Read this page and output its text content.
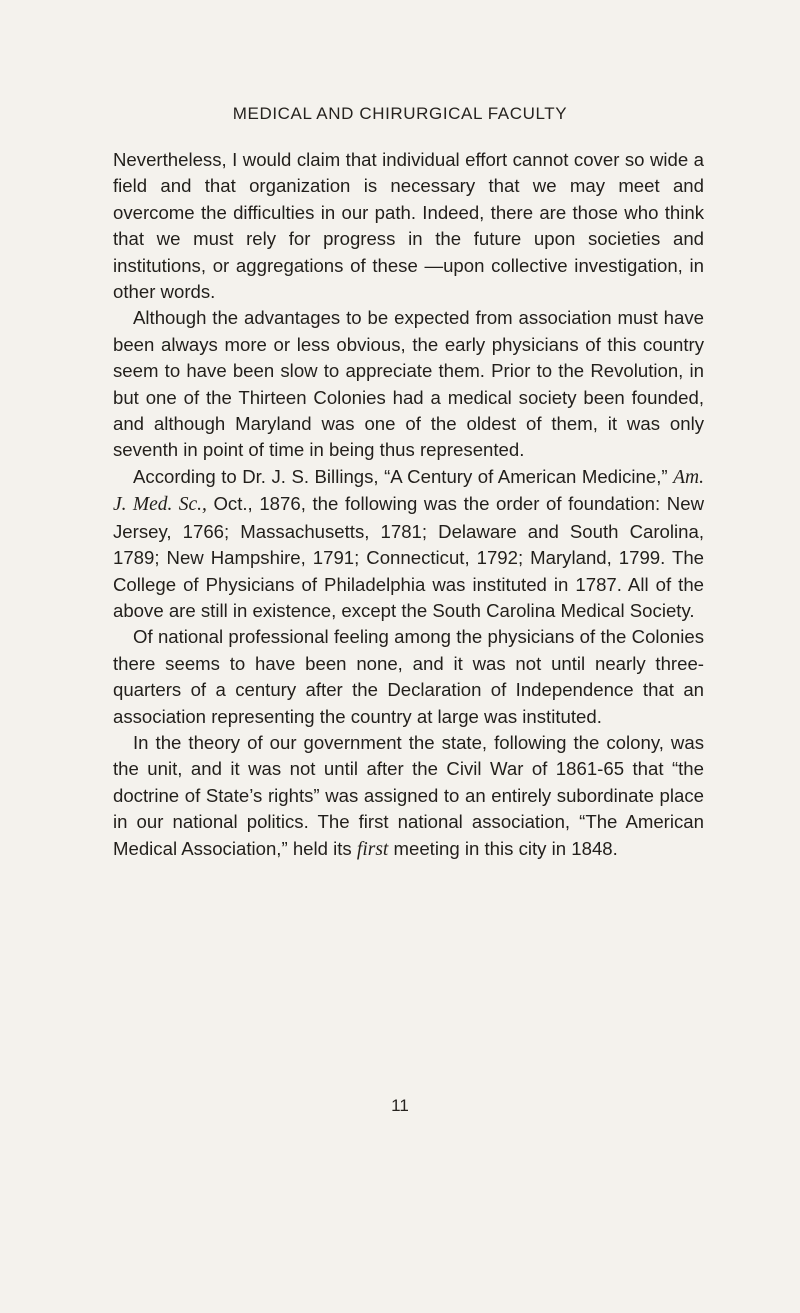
MEDICAL AND CHIRURGICAL FACULTY

Nevertheless, I would claim that individual effort cannot cover so wide a field and that organization is necessary that we may meet and overcome the difficulties in our path. Indeed, there are those who think that we must rely for progress in the future upon societies and institutions, or aggregations of these —upon collective investigation, in other words.

Although the advantages to be expected from association must have been always more or less obvious, the early physicians of this country seem to have been slow to appreciate them. Prior to the Revolution, in but one of the Thirteen Colonies had a medical society been founded, and although Maryland was one of the oldest of them, it was only seventh in point of time in being thus represented.

According to Dr. J. S. Billings, “A Century of American Medicine,” Am. J. Med. Sc., Oct., 1876, the following was the order of foundation: New Jersey, 1766; Massachusetts, 1781; Delaware and South Carolina, 1789; New Hampshire, 1791; Connecticut, 1792; Maryland, 1799. The College of Physicians of Philadelphia was instituted in 1787. All of the above are still in existence, except the South Carolina Medical Society.

Of national professional feeling among the physicians of the Colonies there seems to have been none, and it was not until nearly three-quarters of a century after the Declaration of Independence that an association representing the country at large was instituted.

In the theory of our government the state, following the colony, was the unit, and it was not until after the Civil War of 1861-65 that “the doctrine of State’s rights” was assigned to an entirely subordinate place in our national politics. The first national association, “The American Medical Association,” held its first meeting in this city in 1848.

11
